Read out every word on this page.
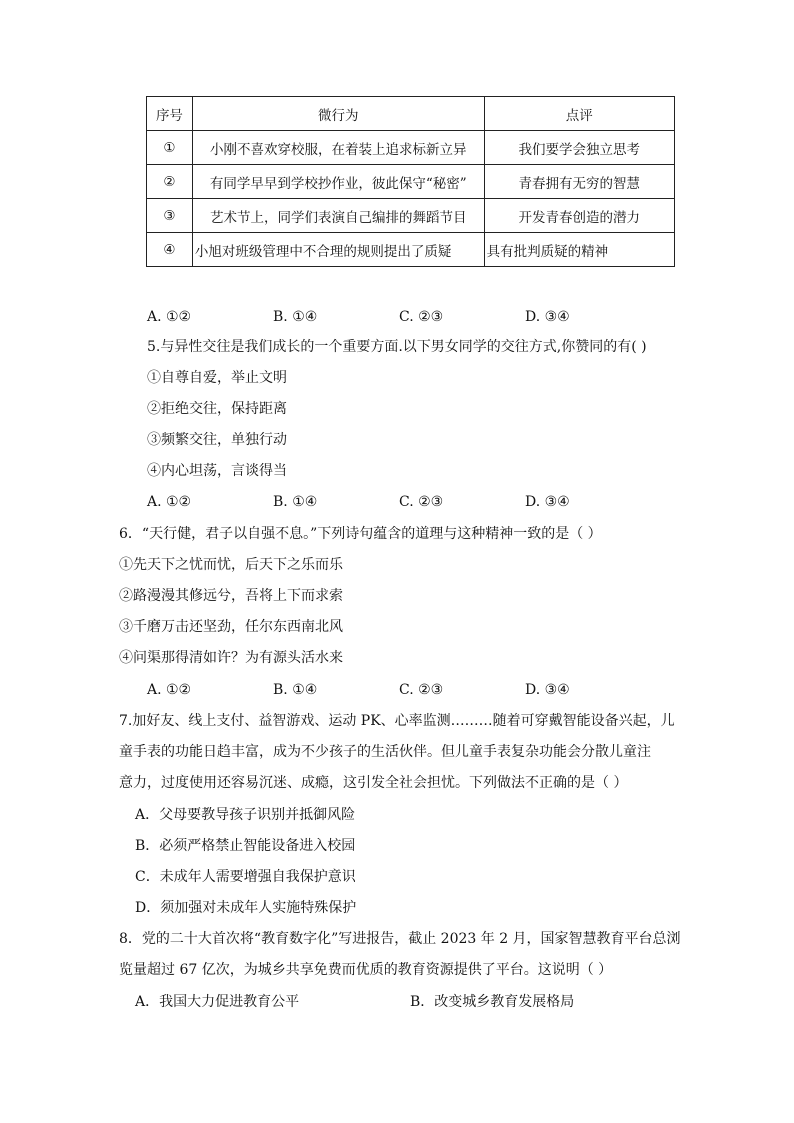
序号	微行为	点评
①	小刚不喜欢穿校服，在着装上追求标新立异	我们要学会独立思考
②	有同学早早到学校抄作业，彼此保守“秘密”	青春拥有无穷的智慧
③	艺术节上，同学们表演自己编排的舞蹈节目	开发青春创造的潜力
④	小旭对班级管理中不合理的规则提出了质疑	具有批判质疑的精神
A. ①②	B. ①④	C. ②③	D. ③④
5.与异性交往是我们成长的一个重要方面.以下男女同学的交往方式,你赞同的有( )
①自尊自爱，举止文明
②拒绝交往，保持距离
③频繁交往，单独行动
④内心坦荡，言谈得当
A. ①②	B. ①④	C. ②③	D. ③④
6．“天行健，君子以自强不息。”下列诗句蕴含的道理与这种精神一致的是（ ）
①先天下之忧而忧，后天下之乐而乐
②路漫漫其修远兮，吾将上下而求索
③千磨万击还坚劲，任尔东西南北风
④问渠那得清如许？为有源头活水来
A. ①②	B. ①④	C. ②③	D. ③④
7.加好友、线上支付、益智游戏、运动 PK、心率监测………随着可穿戴智能设备兴起，儿
童手表的功能日趋丰富，成为不少孩子的生活伙伴。但儿童手表复杂功能会分散儿童注
意力，过度使用还容易沉迷、成瘾，这引发全社会担忧。下列做法不正确的是（ ）
A．父母要教导孩子识别并抵御风险
B．必须严格禁止智能设备进入校园
C．未成年人需要增强自我保护意识
D．须加强对未成年人实施特殊保护
8．党的二十大首次将“教育数字化”写进报告，截止 2023 年 2 月，国家智慧教育平台总浏
览量超过 67 亿次，为城乡共享免费而优质的教育资源提供了平台。这说明（ ）
A．我国大力促进教育公平	B．改变城乡教育发展格局
